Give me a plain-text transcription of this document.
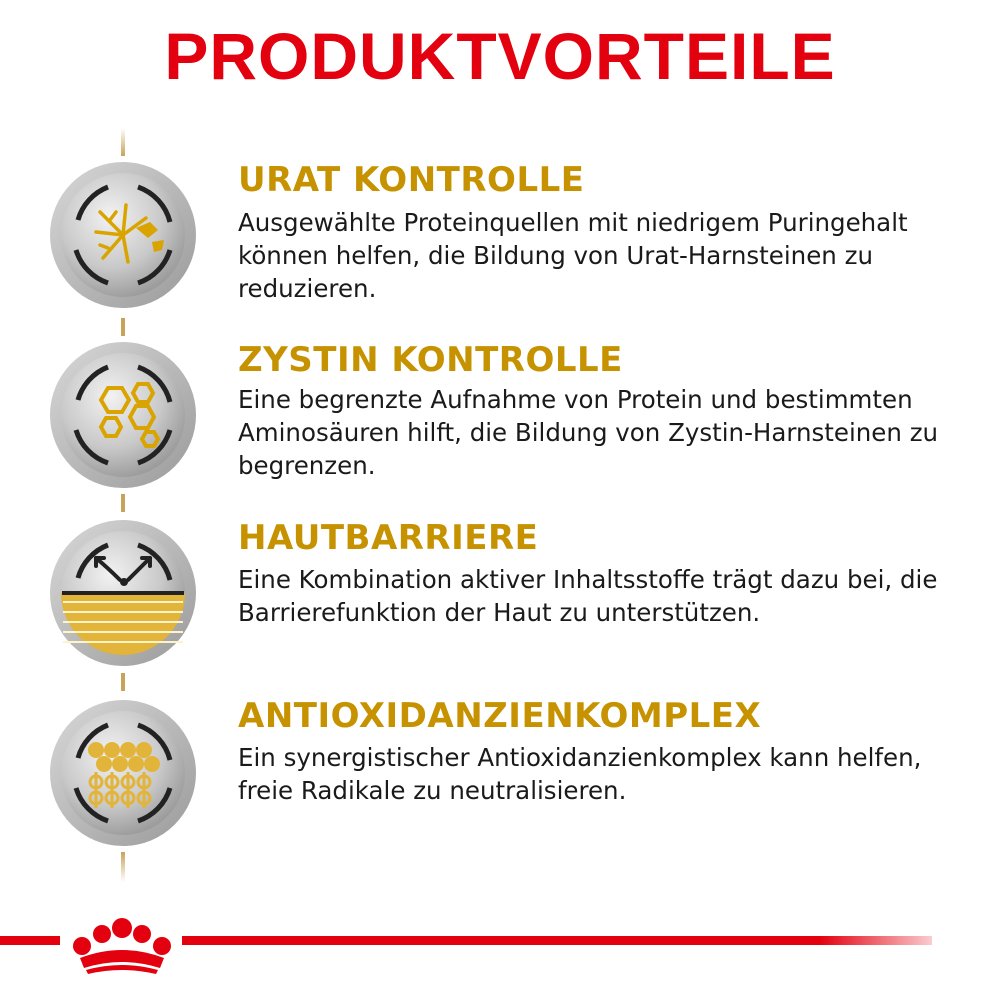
PRODUKTVORTEILE
URAT KONTROLLE

Ausgewählte Proteinquellen mit niedrigem Puringehalt können helfen, die Bildung von Urat-Harnsteinen zu reduzieren.

ZYSTIN KONTROLLE

Eine begrenzte Aufnahme von Protein und bestimmten Aminosäuren hilft, die Bildung von Zystin-Harnsteinen zu begrenzen.

HAUTBARRIERE

Eine Kombination aktiver Inhaltsstoffe trägt dazu bei, die Barrierefunktion der Haut zu unterstützen.

ANTIOXIDANZIENKOMPLEX

Ein synergistischer Antioxidanzienkomplex kann helfen, freie Radikale zu neutralisieren.
